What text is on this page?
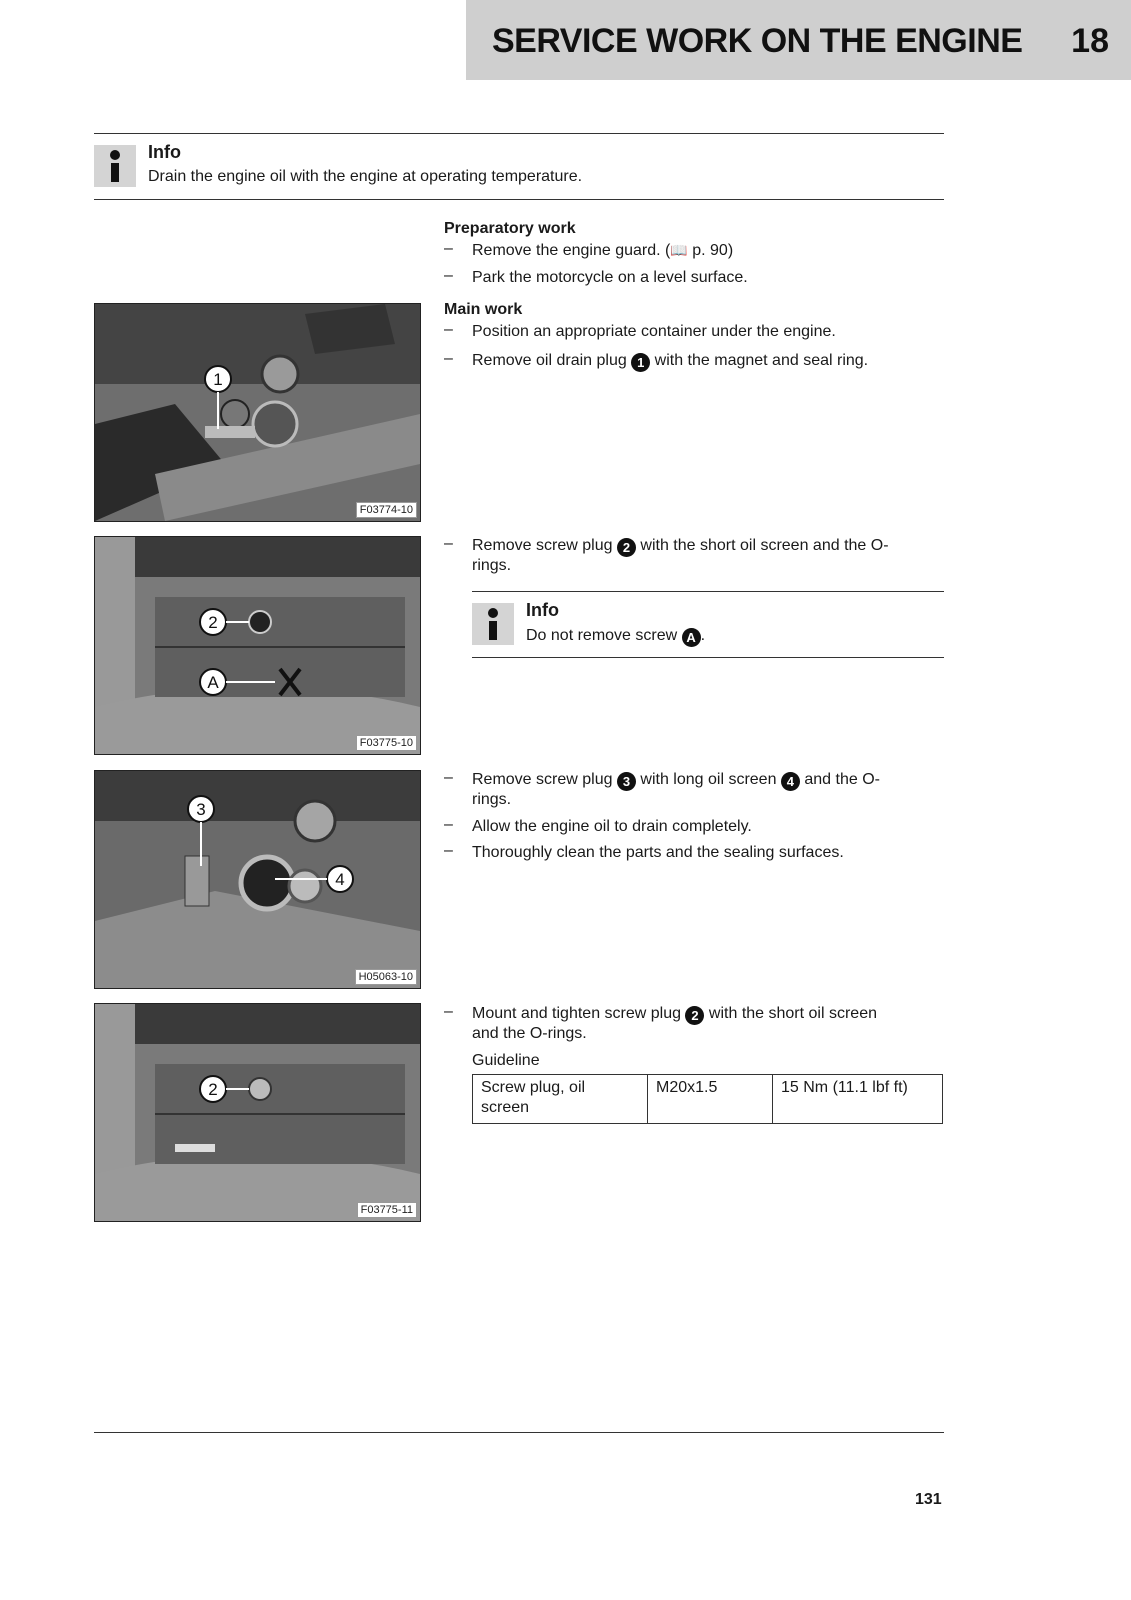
SERVICE WORK ON THE ENGINE 18
Info
Drain the engine oil with the engine at operating temperature.
Preparatory work
– Remove the engine guard. (📖 p. 90)
– Park the motorcycle on a level surface.
Main work
– Position an appropriate container under the engine.
– Remove oil drain plug 1 with the magnet and seal ring.
1
F03774-10
– Remove screw plug 2 with the short oil screen and the O-
rings.
Info
Do not remove screw A .
2
A
F03775-10
– Remove screw plug 3 with long oil screen 4 and the O-
rings.
– Allow the engine oil to drain completely.
– Thoroughly clean the parts and the sealing surfaces.
3
4
H05063-10
– Mount and tighten screw plug 2 with the short oil screen
and the O-rings.
Guideline
Screw plug, oil
screen
	M20x1.5	15 Nm (11.1 lbf ft)
2
F03775-11
131
